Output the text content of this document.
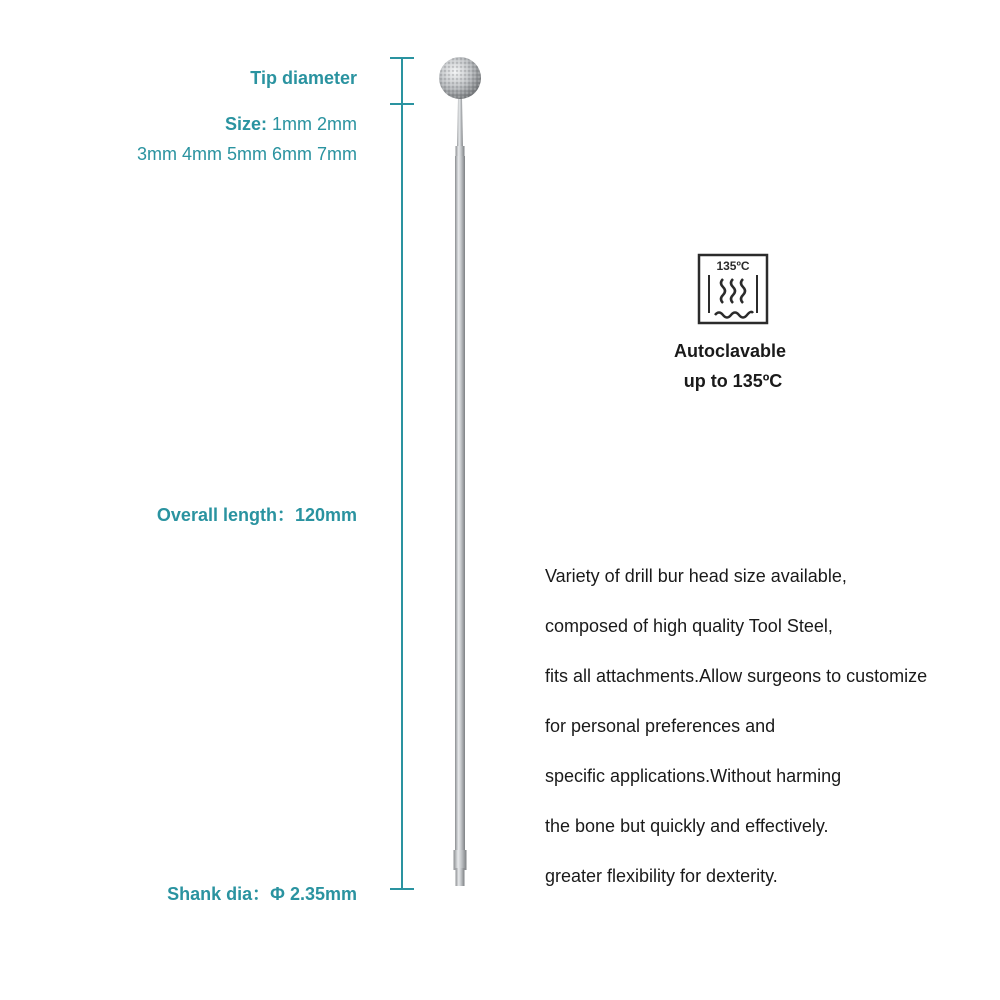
Tip diameter
Size: 1mm 2mm
3mm 4mm 5mm 6mm 7mm
Overall length：120mm
Shank dia：Φ 2.35mm
135ºC
Autoclavable
up to 135ºC
Variety of drill bur head size available,
composed of high quality Tool Steel,
fits all attachments.Allow surgeons to customize
for personal preferences and
specific applications.Without harming
the bone but quickly and effectively.
greater flexibility for dexterity.
